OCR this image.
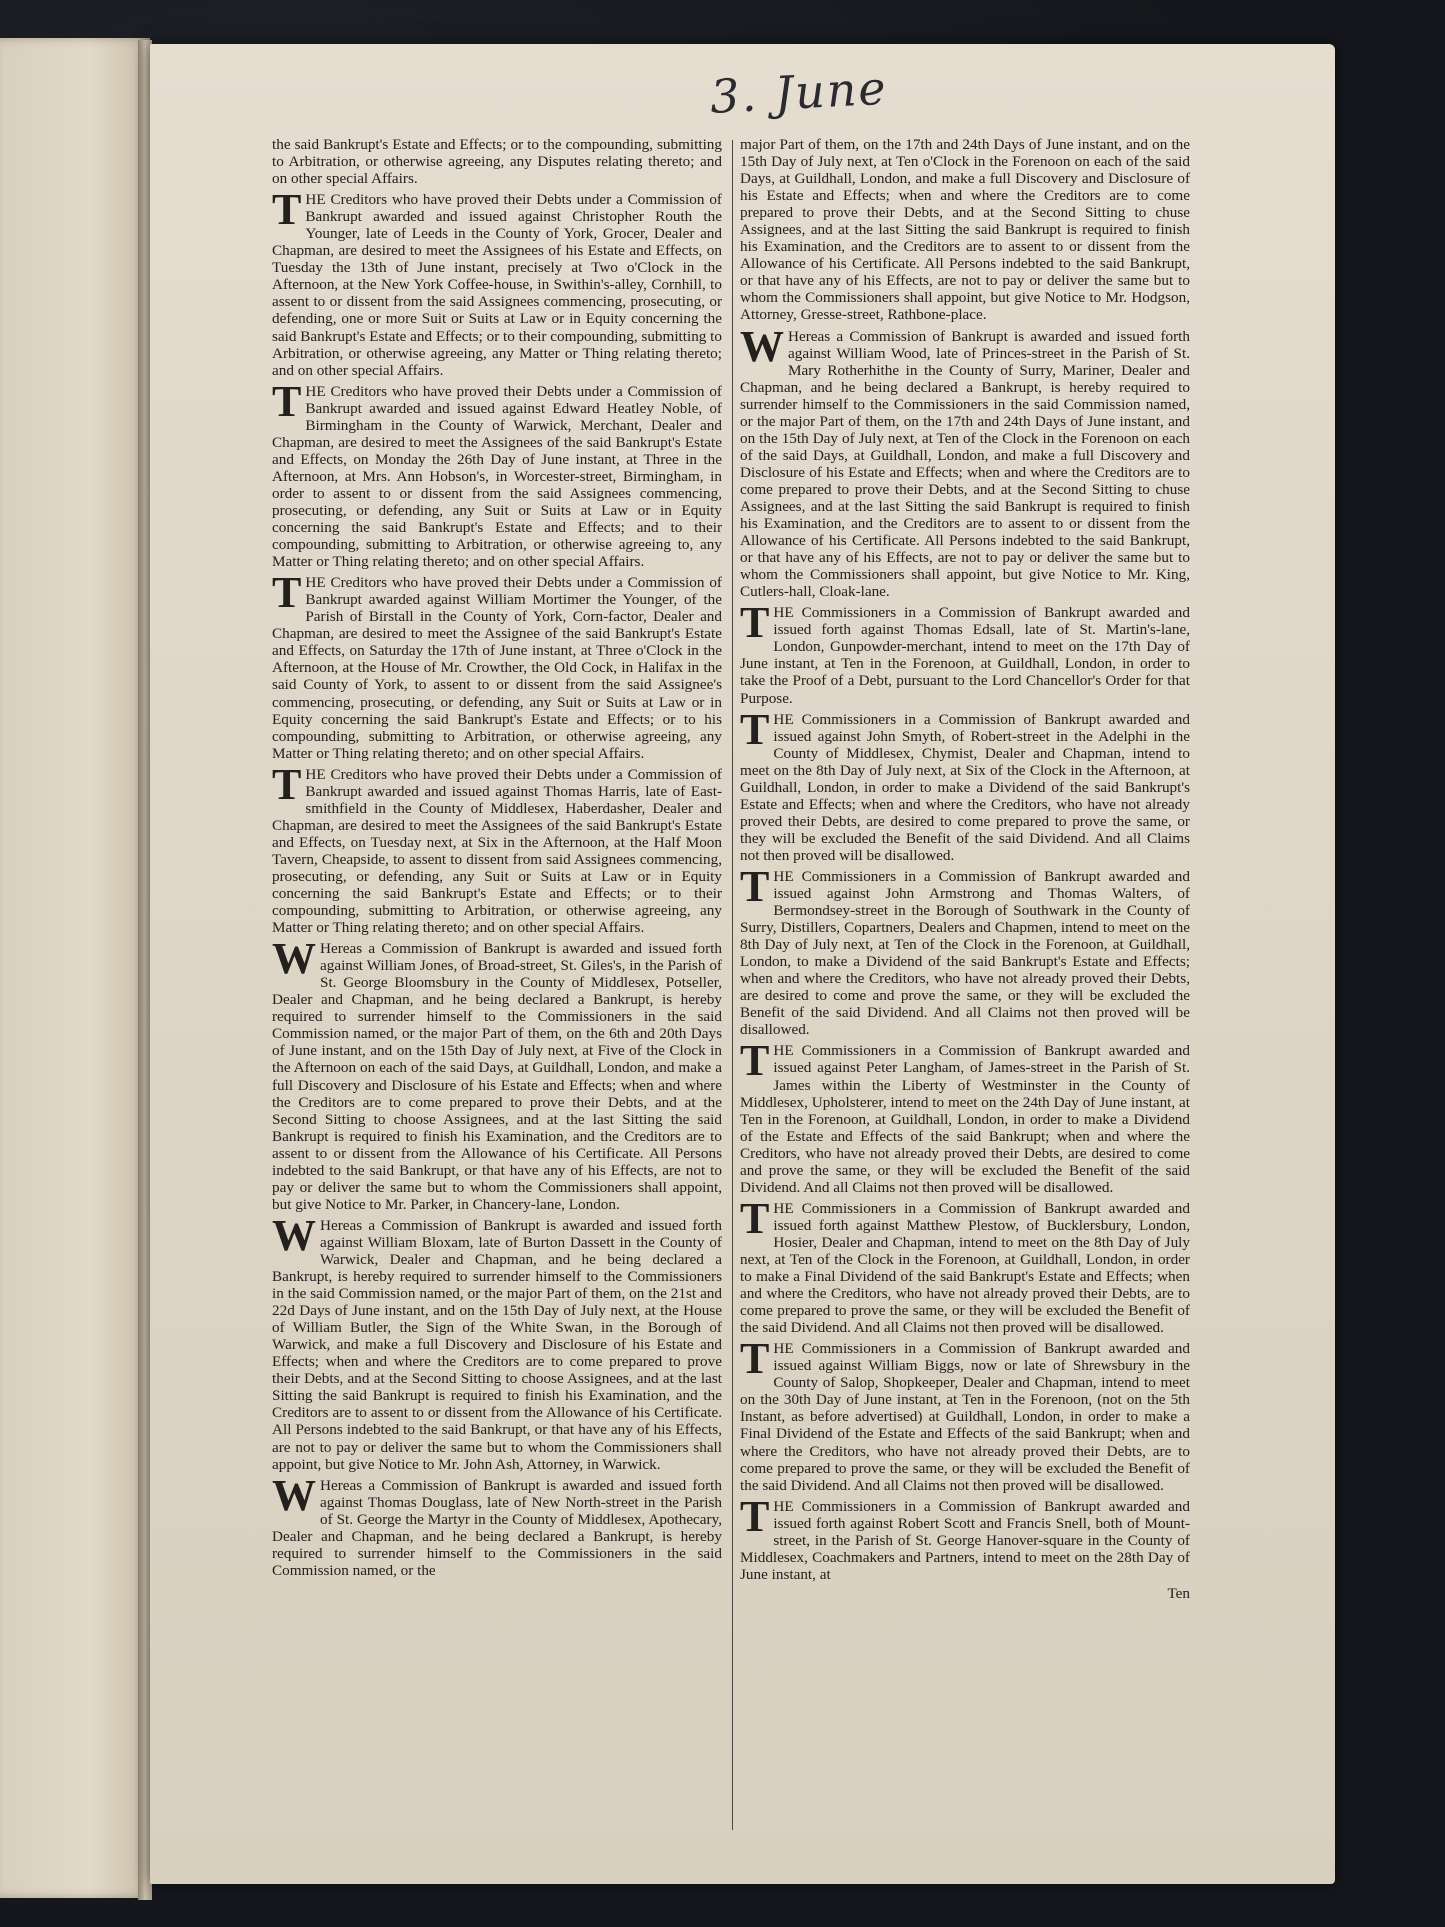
3. June

the said Bankrupt's Estate and Effects; or to the compounding, submitting to Arbitration, or otherwise agreeing, any Disputes relating thereto; and on other special Affairs.

THE Creditors who have proved their Debts under a Commission of Bankrupt awarded and issued against Christopher Routh the Younger, late of Leeds in the County of York, Grocer, Dealer and Chapman, are desired to meet the Assignees of his Estate and Effects, on Tuesday the 13th of June instant, precisely at Two o'Clock in the Afternoon, at the New York Coffee-house, in Swithin's-alley, Cornhill, to assent to or dissent from the said Assignees commencing, prosecuting, or defending, one or more Suit or Suits at Law or in Equity concerning the said Bankrupt's Estate and Effects; or to their compounding, submitting to Arbitration, or otherwise agreeing, any Matter or Thing relating thereto; and on other special Affairs.

THE Creditors who have proved their Debts under a Commission of Bankrupt awarded and issued against Edward Heatley Noble, of Birmingham in the County of Warwick, Merchant, Dealer and Chapman, are desired to meet the Assignees of the said Bankrupt's Estate and Effects, on Monday the 26th Day of June instant, at Three in the Afternoon, at Mrs. Ann Hobson's, in Worcester-street, Birmingham, in order to assent to or dissent from the said Assignees commencing, prosecuting, or defending, any Suit or Suits at Law or in Equity concerning the said Bankrupt's Estate and Effects; and to their compounding, submitting to Arbitration, or otherwise agreeing to, any Matter or Thing relating thereto; and on other special Affairs.

THE Creditors who have proved their Debts under a Commission of Bankrupt awarded against William Mortimer the Younger, of the Parish of Birstall in the County of York, Corn-factor, Dealer and Chapman, are desired to meet the Assignee of the said Bankrupt's Estate and Effects, on Saturday the 17th of June instant, at Three o'Clock in the Afternoon, at the House of Mr. Crowther, the Old Cock, in Halifax in the said County of York, to assent to or dissent from the said Assignee's commencing, prosecuting, or defending, any Suit or Suits at Law or in Equity concerning the said Bankrupt's Estate and Effects; or to his compounding, submitting to Arbitration, or otherwise agreeing, any Matter or Thing relating thereto; and on other special Affairs.

THE Creditors who have proved their Debts under a Commission of Bankrupt awarded and issued against Thomas Harris, late of East-smithfield in the County of Middlesex, Haberdasher, Dealer and Chapman, are desired to meet the Assignees of the said Bankrupt's Estate and Effects, on Tuesday next, at Six in the Afternoon, at the Half Moon Tavern, Cheapside, to assent to dissent from said Assignees commencing, prosecuting, or defending, any Suit or Suits at Law or in Equity concerning the said Bankrupt's Estate and Effects; or to their compounding, submitting to Arbitration, or otherwise agreeing, any Matter or Thing relating thereto; and on other special Affairs.

W Hereas a Commission of Bankrupt is awarded and issued forth against William Jones, of Broad-street, St. Giles's, in the Parish of St. George Bloomsbury in the County of Middlesex, Potseller, Dealer and Chapman, and he being declared a Bankrupt, is hereby required to surrender himself to the Commissioners in the said Commission named, or the major Part of them, on the 6th and 20th Days of June instant, and on the 15th Day of July next, at Five of the Clock in the Afternoon on each of the said Days, at Guildhall, London, and make a full Discovery and Disclosure of his Estate and Effects; when and where the Creditors are to come prepared to prove their Debts, and at the Second Sitting to choose Assignees, and at the last Sitting the said Bankrupt is required to finish his Examination, and the Creditors are to assent to or dissent from the Allowance of his Certificate. All Persons indebted to the said Bankrupt, or that have any of his Effects, are not to pay or deliver the same but to whom the Commissioners shall appoint, but give Notice to Mr. Parker, in Chancery-lane, London.

W Hereas a Commission of Bankrupt is awarded and issued forth against William Bloxam, late of Burton Dassett in the County of Warwick, Dealer and Chapman, and he being declared a Bankrupt, is hereby required to surrender himself to the Commissioners in the said Commission named, or the major Part of them, on the 21st and 22d Days of June instant, and on the 15th Day of July next, at the House of William Butler, the Sign of the White Swan, in the Borough of Warwick, and make a full Discovery and Disclosure of his Estate and Effects; when and where the Creditors are to come prepared to prove their Debts, and at the Second Sitting to choose Assignees, and at the last Sitting the said Bankrupt is required to finish his Examination, and the Creditors are to assent to or dissent from the Allowance of his Certificate. All Persons indebted to the said Bankrupt, or that have any of his Effects, are not to pay or deliver the same but to whom the Commissioners shall appoint, but give Notice to Mr. John Ash, Attorney, in Warwick.

W Hereas a Commission of Bankrupt is awarded and issued forth against Thomas Douglass, late of New North-street in the Parish of St. George the Martyr in the County of Middlesex, Apothecary, Dealer and Chapman, and he being declared a Bankrupt, is hereby required to surrender himself to the Commissioners in the said Commission named, or the

major Part of them, on the 17th and 24th Days of June instant, and on the 15th Day of July next, at Ten o'Clock in the Forenoon on each of the said Days, at Guildhall, London, and make a full Discovery and Disclosure of his Estate and Effects; when and where the Creditors are to come prepared to prove their Debts, and at the Second Sitting to chuse Assignees, and at the last Sitting the said Bankrupt is required to finish his Examination, and the Creditors are to assent to or dissent from the Allowance of his Certificate. All Persons indebted to the said Bankrupt, or that have any of his Effects, are not to pay or deliver the same but to whom the Commissioners shall appoint, but give Notice to Mr. Hodgson, Attorney, Gresse-street, Rathbone-place.

W Hereas a Commission of Bankrupt is awarded and issued forth against William Wood, late of Princes-street in the Parish of St. Mary Rotherhithe in the County of Surry, Mariner, Dealer and Chapman, and he being declared a Bankrupt, is hereby required to surrender himself to the Commissioners in the said Commission named, or the major Part of them, on the 17th and 24th Days of June instant, and on the 15th Day of July next, at Ten of the Clock in the Forenoon on each of the said Days, at Guildhall, London, and make a full Discovery and Disclosure of his Estate and Effects; when and where the Creditors are to come prepared to prove their Debts, and at the Second Sitting to chuse Assignees, and at the last Sitting the said Bankrupt is required to finish his Examination, and the Creditors are to assent to or dissent from the Allowance of his Certificate. All Persons indebted to the said Bankrupt, or that have any of his Effects, are not to pay or deliver the same but to whom the Commissioners shall appoint, but give Notice to Mr. King, Cutlers-hall, Cloak-lane.

THE Commissioners in a Commission of Bankrupt awarded and issued forth against Thomas Edsall, late of St. Martin's-lane, London, Gunpowder-merchant, intend to meet on the 17th Day of June instant, at Ten in the Forenoon, at Guildhall, London, in order to take the Proof of a Debt, pursuant to the Lord Chancellor's Order for that Purpose.

THE Commissioners in a Commission of Bankrupt awarded and issued against John Smyth, of Robert-street in the Adelphi in the County of Middlesex, Chymist, Dealer and Chapman, intend to meet on the 8th Day of July next, at Six of the Clock in the Afternoon, at Guildhall, London, in order to make a Dividend of the said Bankrupt's Estate and Effects; when and where the Creditors, who have not already proved their Debts, are desired to come prepared to prove the same, or they will be excluded the Benefit of the said Dividend. And all Claims not then proved will be disallowed.

THE Commissioners in a Commission of Bankrupt awarded and issued against John Armstrong and Thomas Walters, of Bermondsey-street in the Borough of Southwark in the County of Surry, Distillers, Copartners, Dealers and Chapmen, intend to meet on the 8th Day of July next, at Ten of the Clock in the Forenoon, at Guildhall, London, to make a Dividend of the said Bankrupt's Estate and Effects; when and where the Creditors, who have not already proved their Debts, are desired to come and prove the same, or they will be excluded the Benefit of the said Dividend. And all Claims not then proved will be disallowed.

THE Commissioners in a Commission of Bankrupt awarded and issued against Peter Langham, of James-street in the Parish of St. James within the Liberty of Westminster in the County of Middlesex, Upholsterer, intend to meet on the 24th Day of June instant, at Ten in the Forenoon, at Guildhall, London, in order to make a Dividend of the Estate and Effects of the said Bankrupt; when and where the Creditors, who have not already proved their Debts, are desired to come and prove the same, or they will be excluded the Benefit of the said Dividend. And all Claims not then proved will be disallowed.

THE Commissioners in a Commission of Bankrupt awarded and issued forth against Matthew Plestow, of Bucklersbury, London, Hosier, Dealer and Chapman, intend to meet on the 8th Day of July next, at Ten of the Clock in the Forenoon, at Guildhall, London, in order to make a Final Dividend of the said Bankrupt's Estate and Effects; when and where the Creditors, who have not already proved their Debts, are to come prepared to prove the same, or they will be excluded the Benefit of the said Dividend. And all Claims not then proved will be disallowed.

THE Commissioners in a Commission of Bankrupt awarded and issued against William Biggs, now or late of Shrewsbury in the County of Salop, Shopkeeper, Dealer and Chapman, intend to meet on the 30th Day of June instant, at Ten in the Forenoon, (not on the 5th Instant, as before advertised) at Guildhall, London, in order to make a Final Dividend of the Estate and Effects of the said Bankrupt; when and where the Creditors, who have not already proved their Debts, are to come prepared to prove the same, or they will be excluded the Benefit of the said Dividend. And all Claims not then proved will be disallowed.

THE Commissioners in a Commission of Bankrupt awarded and issued forth against Robert Scott and Francis Snell, both of Mount-street, in the Parish of St. George Hanover-square in the County of Middlesex, Coachmakers and Partners, intend to meet on the 28th Day of June instant, at

Ten
